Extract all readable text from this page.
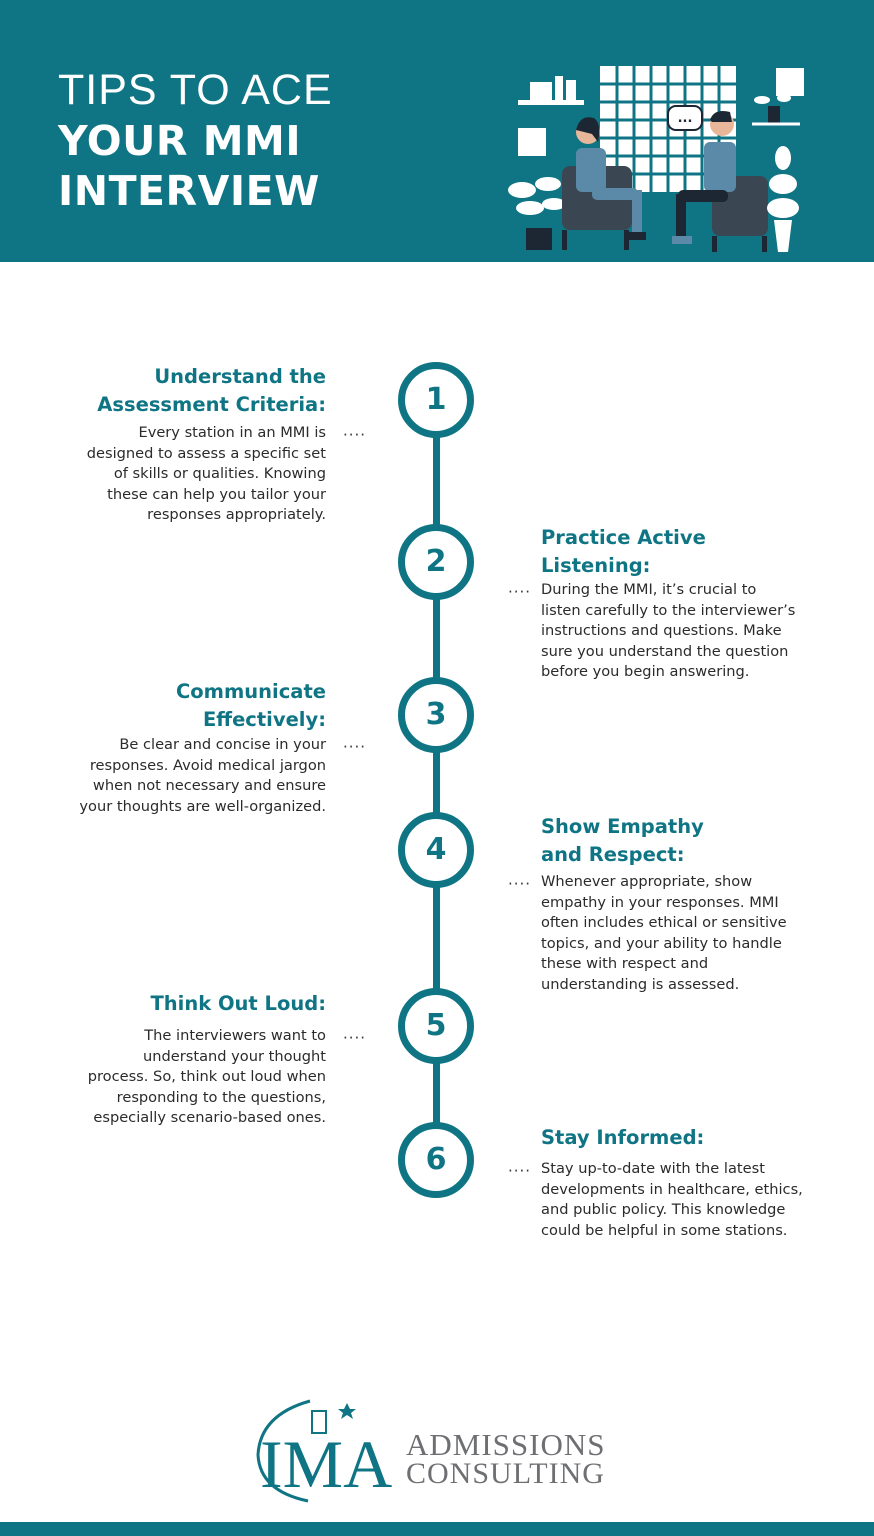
TIPS TO ACE
YOUR MMI
INTERVIEW
...
1
2
3
4
5
6
Understand the
Assessment Criteria:
Every station in an MMI is
designed to assess a specific set
of skills or qualities. Knowing
these can help you tailor your
responses appropriately.
····
Practice Active
Listening:
During the MMI, it’s crucial to
listen carefully to the interviewer’s
instructions and questions. Make
sure you understand the question
before you begin answering.
····
Communicate
Effectively:
Be clear and concise in your
responses. Avoid medical jargon
when not necessary and ensure
your thoughts are well-organized.
····
Show Empathy
and Respect:
Whenever appropriate, show
empathy in your responses. MMI
often includes ethical or sensitive
topics, and your ability to handle
these with respect and
understanding is assessed.
····
Think Out Loud:
The interviewers want to
understand your thought
process. So, think out loud when
responding to the questions,
especially scenario-based ones.
····
Stay Informed:
Stay up-to-date with the latest
developments in healthcare, ethics,
and public policy. This knowledge
could be helpful in some stations.
····
IMA ADMISSIONS
CONSULTING
